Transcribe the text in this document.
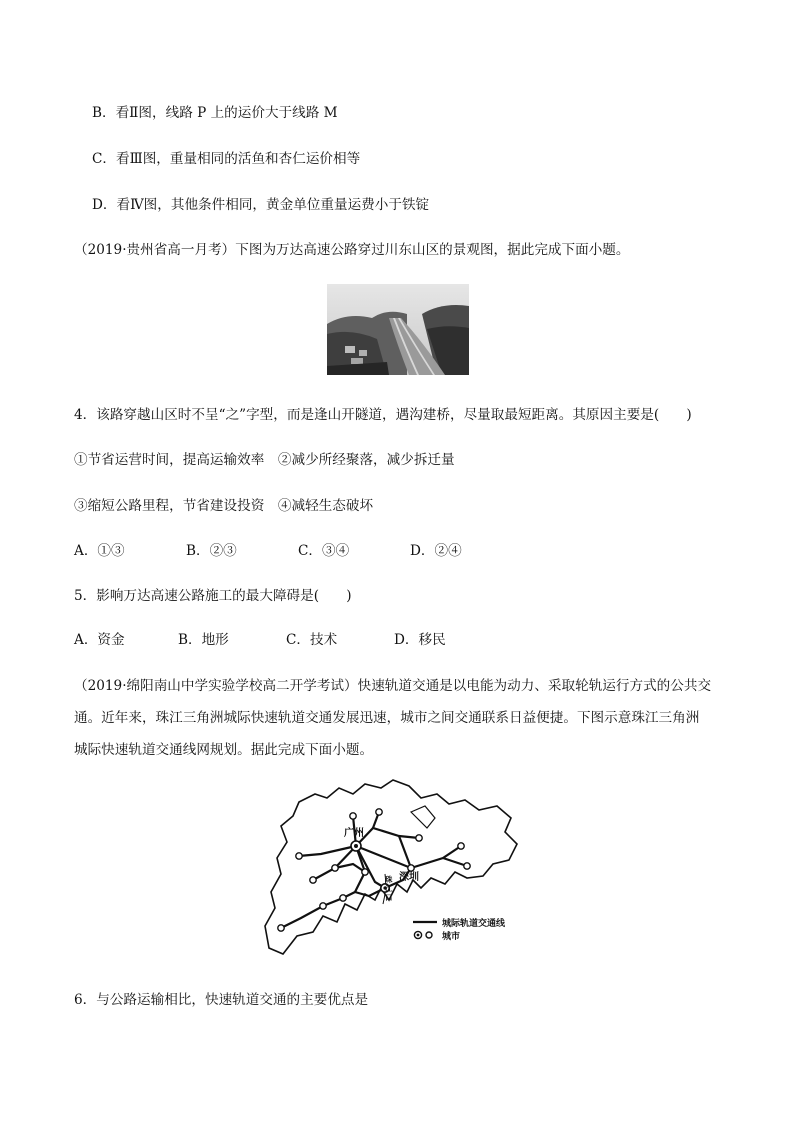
B．看Ⅱ图，线路 P 上的运价大于线路 M
C．看Ⅲ图，重量相同的活鱼和杏仁运价相等
D．看Ⅳ图，其他条件相同，黄金单位重量运费小于铁锭
（2019·贵州省高一月考）下图为万达高速公路穿过川东山区的景观图，据此完成下面小题。
4．该路穿越山区时不呈“之”字型，而是逢山开隧道，遇沟建桥，尽量取最短距离。其原因主要是(　　)
①节省运营时间，提高运输效率　②减少所经聚落，减少拆迁量
③缩短公路里程，节省建设投资　④减轻生态破坏
A．①③	B．②③	C．③④	D．②④
5．影响万达高速公路施工的最大障碍是(　　)
A．资金	B．地形	C．技术	D．移民
（2019·绵阳南山中学实验学校高二开学考试）快速轨道交通是以电能为动力、采取轮轨运行方式的公共交
通。近年来，珠江三角洲城际快速轨道交通发展迅速，城市之间交通联系日益便捷。下图示意珠江三角洲
城际快速轨道交通线网规划。据此完成下面小题。
广州
深圳
珠
江
口
城际轨道交通线
城市
6．与公路运输相比，快速轨道交通的主要优点是
